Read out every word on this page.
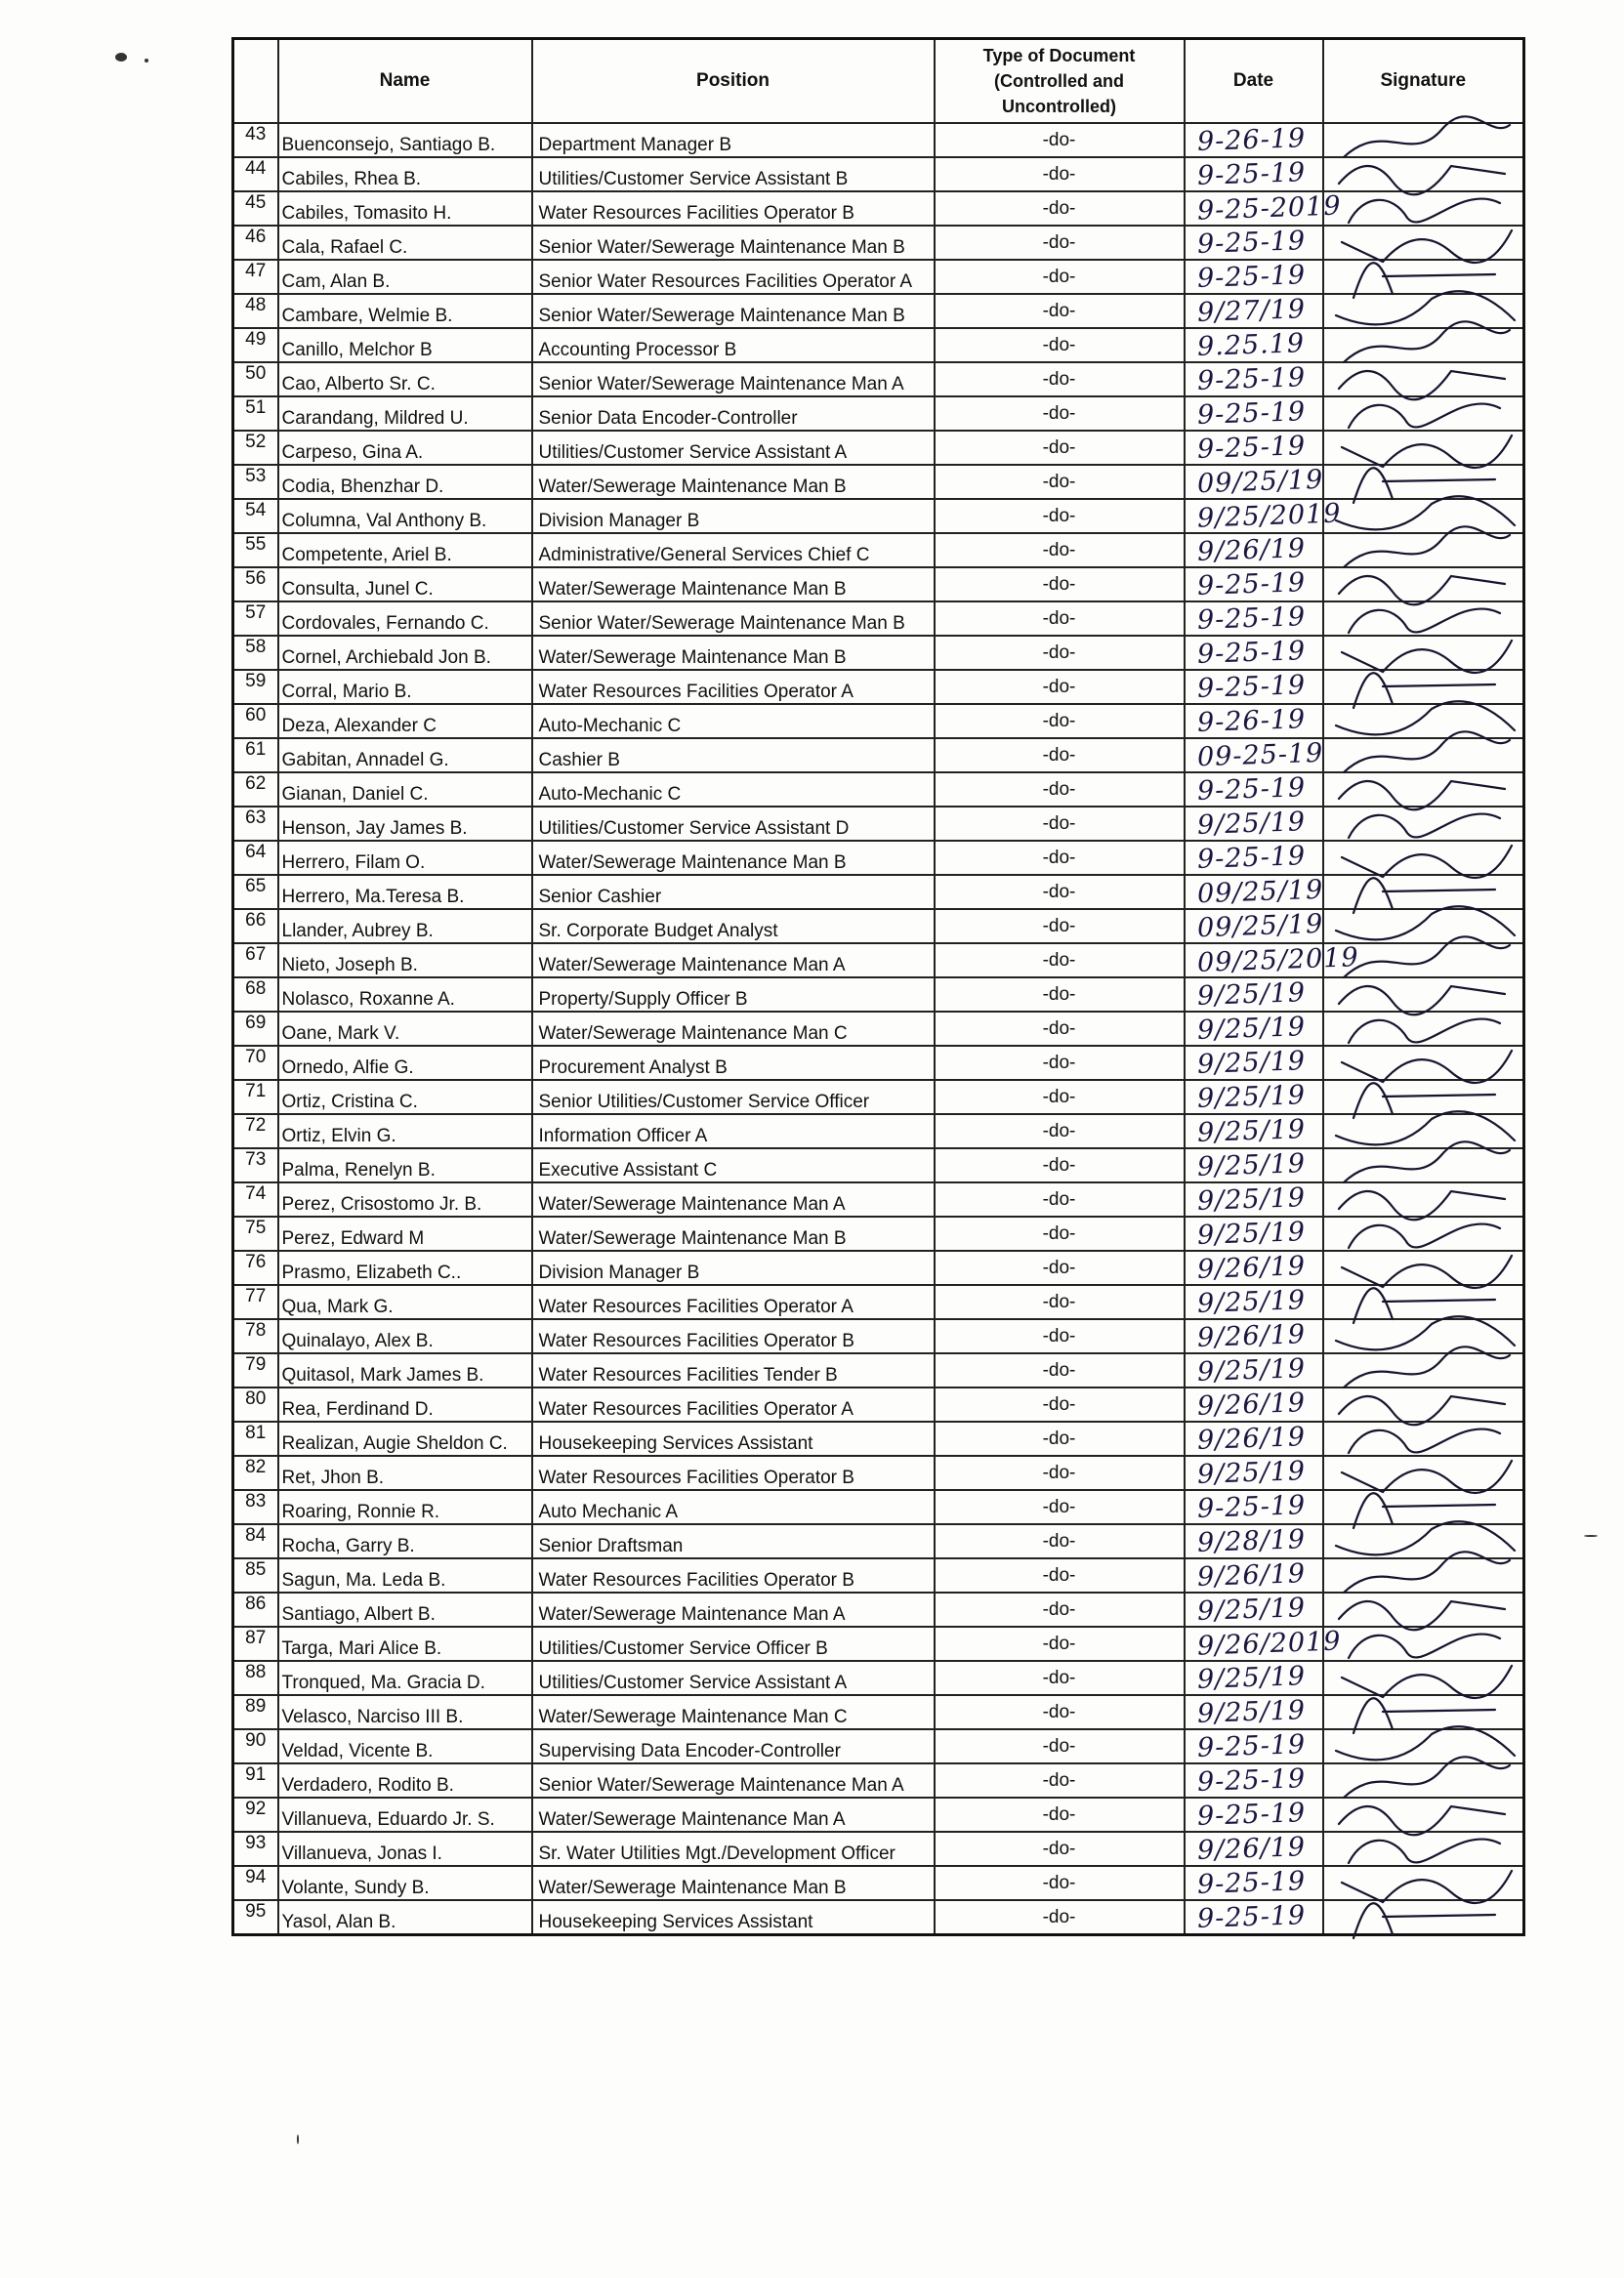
	Name	Position	Type of Document (Controlled and Uncontrolled)	Date	Signature
43	Buenconsejo, Santiago B.	Department Manager B	-do-	9-26-19	

44	Cabiles, Rhea B.	Utilities/Customer Service Assistant B	-do-	9-25-19	

45	Cabiles, Tomasito H.	Water Resources Facilities Operator B	-do-	9-25-2019	

46	Cala, Rafael C.	Senior Water/Sewerage Maintenance Man B	-do-	9-25-19	

47	Cam, Alan B.	Senior Water Resources Facilities Operator A	-do-	9-25-19	

48	Cambare, Welmie B.	Senior Water/Sewerage Maintenance Man B	-do-	9/27/19	

49	Canillo, Melchor B	Accounting Processor B	-do-	9.25.19	

50	Cao, Alberto Sr. C.	Senior Water/Sewerage Maintenance Man A	-do-	9-25-19	

51	Carandang, Mildred U.	Senior Data Encoder-Controller	-do-	9-25-19	

52	Carpeso, Gina A.	Utilities/Customer Service Assistant A	-do-	9-25-19	

53	Codia, Bhenzhar D.	Water/Sewerage Maintenance Man B	-do-	09/25/19	

54	Columna, Val Anthony B.	Division Manager B	-do-	9/25/2019	

55	Competente, Ariel B.	Administrative/General Services Chief C	-do-	9/26/19	

56	Consulta, Junel C.	Water/Sewerage Maintenance Man B	-do-	9-25-19	

57	Cordovales, Fernando C.	Senior Water/Sewerage Maintenance Man B	-do-	9-25-19	

58	Cornel, Archiebald Jon B.	Water/Sewerage Maintenance Man B	-do-	9-25-19	

59	Corral, Mario B.	Water Resources Facilities Operator A	-do-	9-25-19	

60	Deza, Alexander C	Auto-Mechanic C	-do-	9-26-19	

61	Gabitan, Annadel G.	Cashier B	-do-	09-25-19	

62	Gianan, Daniel C.	Auto-Mechanic C	-do-	9-25-19	

63	Henson, Jay James B.	Utilities/Customer Service Assistant D	-do-	9/25/19	

64	Herrero, Filam O.	Water/Sewerage Maintenance Man B	-do-	9-25-19	

65	Herrero, Ma.Teresa B.	Senior Cashier	-do-	09/25/19	

66	Llander, Aubrey B.	Sr. Corporate Budget Analyst	-do-	09/25/19	

67	Nieto, Joseph B.	Water/Sewerage Maintenance Man A	-do-	09/25/2019	

68	Nolasco, Roxanne A.	Property/Supply Officer B	-do-	9/25/19	

69	Oane, Mark V.	Water/Sewerage Maintenance Man C	-do-	9/25/19	

70	Ornedo, Alfie G.	Procurement Analyst B	-do-	9/25/19	

71	Ortiz, Cristina C.	Senior Utilities/Customer Service Officer	-do-	9/25/19	

72	Ortiz, Elvin G.	Information Officer A	-do-	9/25/19	

73	Palma, Renelyn B.	Executive Assistant C	-do-	9/25/19	

74	Perez, Crisostomo Jr. B.	Water/Sewerage Maintenance Man A	-do-	9/25/19	

75	Perez, Edward M	Water/Sewerage Maintenance Man B	-do-	9/25/19	

76	Prasmo, Elizabeth C..	Division Manager B	-do-	9/26/19	

77	Qua, Mark G.	Water Resources Facilities Operator A	-do-	9/25/19	

78	Quinalayo, Alex B.	Water Resources Facilities Operator B	-do-	9/26/19	

79	Quitasol, Mark James B.	Water Resources Facilities Tender B	-do-	9/25/19	

80	Rea, Ferdinand D.	Water Resources Facilities Operator A	-do-	9/26/19	

81	Realizan, Augie Sheldon C.	Housekeeping Services Assistant	-do-	9/26/19	

82	Ret, Jhon B.	Water Resources Facilities Operator B	-do-	9/25/19	

83	Roaring, Ronnie R.	Auto Mechanic A	-do-	9-25-19	

84	Rocha, Garry B.	Senior Draftsman	-do-	9/28/19	

85	Sagun, Ma. Leda B.	Water Resources Facilities Operator B	-do-	9/26/19	

86	Santiago, Albert B.	Water/Sewerage Maintenance Man A	-do-	9/25/19	

87	Targa, Mari Alice B.	Utilities/Customer Service Officer B	-do-	9/26/2019	

88	Tronqued, Ma. Gracia D.	Utilities/Customer Service Assistant A	-do-	9/25/19	

89	Velasco, Narciso III B.	Water/Sewerage Maintenance Man C	-do-	9/25/19	

90	Veldad, Vicente B.	Supervising Data Encoder-Controller	-do-	9-25-19	

91	Verdadero, Rodito B.	Senior Water/Sewerage Maintenance Man A	-do-	9-25-19	

92	Villanueva, Eduardo Jr. S.	Water/Sewerage Maintenance Man A	-do-	9-25-19	

93	Villanueva, Jonas I.	Sr. Water Utilities Mgt./Development Officer	-do-	9/26/19	

94	Volante, Sundy B.	Water/Sewerage Maintenance Man B	-do-	9-25-19	

95	Yasol, Alan B.	Housekeeping Services Assistant	-do-	9-25-19	
